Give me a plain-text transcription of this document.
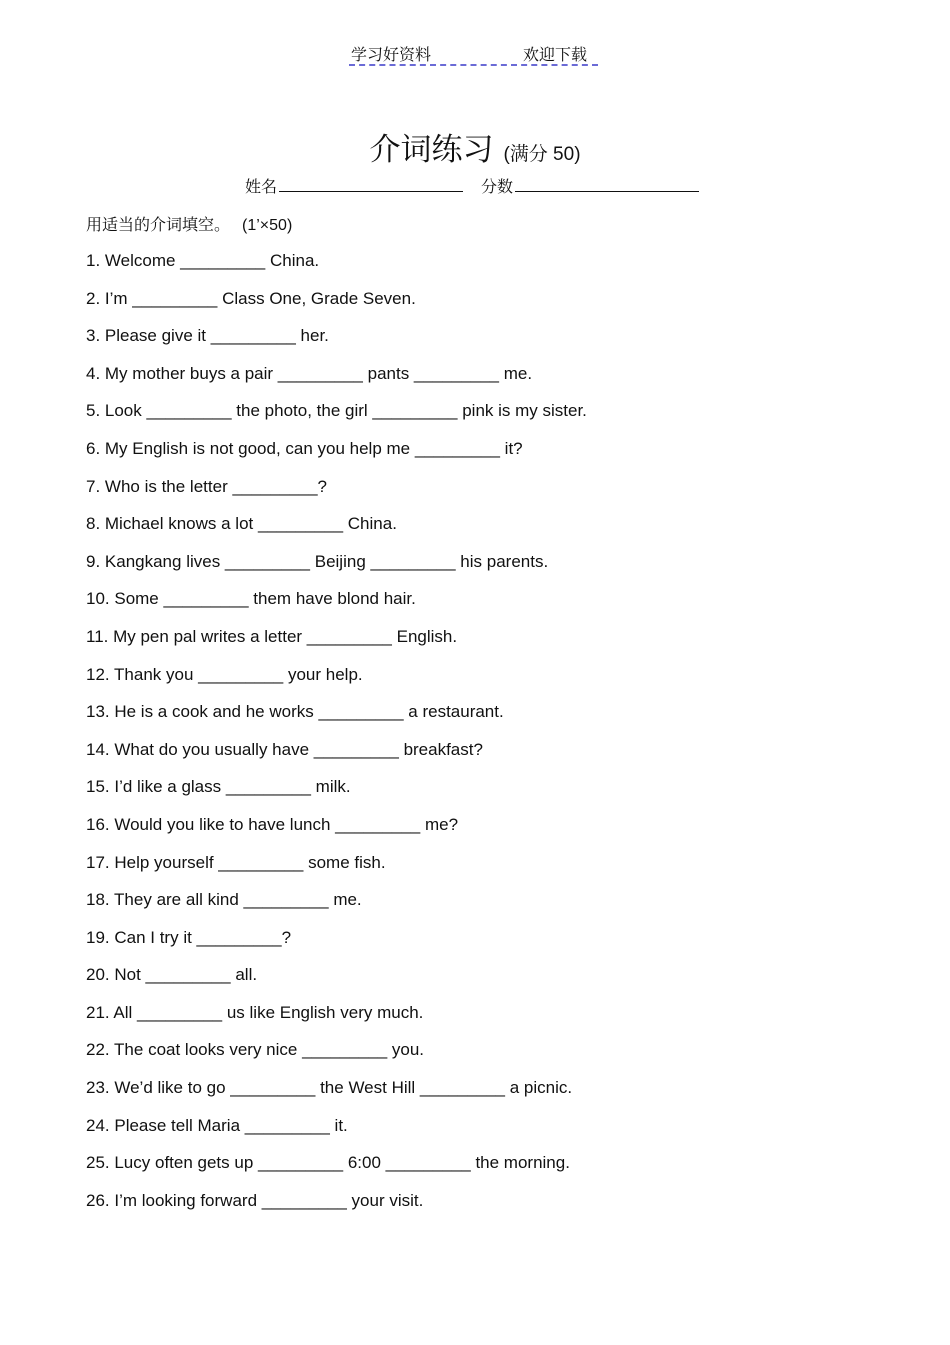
学习好资料	欢迎下载
介词练习 (满分 50)
姓名	分数
用适当的介词填空。 (1’×50)
1. Welcome _________ China.
2. I’m _________ Class One, Grade Seven.
3. Please give it _________ her.
4. My mother buys a pair _________ pants _________ me.
5. Look _________ the photo, the girl _________ pink is my sister.
6. My English is not good, can you help me _________ it?
7. Who is the letter _________?
8. Michael knows a lot _________ China.
9. Kangkang lives _________ Beijing _________ his parents.
10. Some _________ them have blond hair.
11. My pen pal writes a letter _________ English.
12. Thank you _________ your help.
13. He is a cook and he works _________ a restaurant.
14. What do you usually have _________ breakfast?
15. I’d like a glass _________ milk.
16. Would you like to have lunch _________ me?
17. Help yourself _________ some fish.
18. They are all kind _________ me.
19. Can I try it _________?
20. Not _________ all.
21. All _________ us like English very much.
22. The coat looks very nice _________ you.
23. We’d like to go _________ the West Hill _________ a picnic.
24. Please tell Maria _________ it.
25. Lucy often gets up _________ 6:00 _________ the morning.
26. I’m looking forward _________ your visit.
